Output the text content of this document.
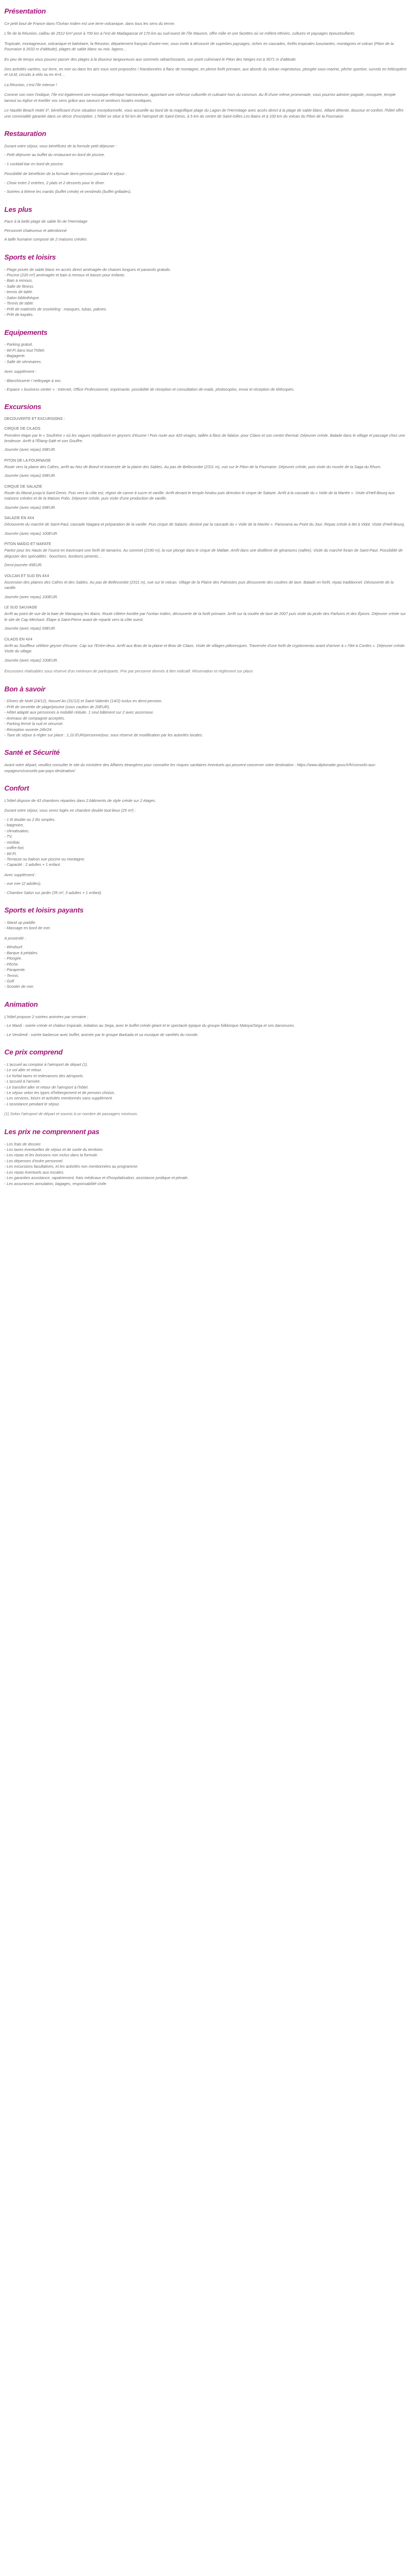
Présentation
Ce petit bout de France dans l'Océan Indien est une terre volcanique, dans tous les sens du terme.
L'île de la Réunion, caillou de 2512 km² posé à 700 km à l'est de Madagascar et 170 km au sud-ouest de l'île Maurice, offre mille et une facettes où se mêlent ethnies, cultures et paysages époustouflants.
Tropicale, montagneuse, volcanique et balnéaire, la Réunion, département français d'outre-mer, vous invite à découvrir de superbes paysages, riches en cascades, forêts tropicales luxuriantes, montagnes et volcan (Piton de la Fournaise à 2632 m d'altitude), plages de sable blanc ou noir, lagons…
En peu de temps vous pouvez passer des plages à la douceur langoureuse aux sommets rafraichissants, son point culminant le Piton des Neiges est à 3071 m d'altitude.
Des activités variées, sur terre, en mer ou dans les airs vous sont proposées ! Randonnées à flanc de montagne, en pleine forêt primaire, aux abords du volcan majestueux, plongée sous-marine, pêche sportive, survols en hélicoptère et ULM, circuits à vélo ou en 4×4…
La Réunion, c'est l'île intense !
Comme son nom l'indique, l'île est également une mosaïque ethnique harmonieuse, apportant une richesse culturelle et culinaire hors du commun. Au fil d'une même promenade, vous pourrez admirer pagode, mosquée, temple tamoul ou église et éveiller vos sens grâce aux saveurs et senteurs locales exotiques.
Le Nautile Beach Hotel 3*, bénéficiant d'une situation exceptionnelle, vous accueille au bord de la magnifique plage du Lagon de l'Hermitage avec accès direct à la plage de sable blanc. Alliant détente, douceur et confort, l'hôtel offre une convivialité garantie dans un décor d'exception. L'hôtel se situe à 50 km de l'aéroport de Saint-Denis, à 5 km du centre de Saint-Gilles Les Bains et à 100 km du volcan du Piton de la Fournaise.
Restauration
Durant votre séjour, vous bénéficiez de la formule petit déjeuner :
- Petit déjeuner au buffet du restaurant en bord de piscine.
- 1 cocktail-bar en bord de piscine.
Possibilité de bénéficier de la formule demi-pension pendant le séjour :
- Choix entre 2 entrées, 2 plats et 2 desserts pour le dîner.
- Soirées à thème les mardis (buffet créole) et vendredis (buffet grillades).
Les plus
Face à la belle plage de sable fin de l'Hermitage
Personnel chaleureux et attentionné
A taille humaine composé de 2 maisons créoles
Sports et loisirs
- Plage privée de sable blanc en accès direct aménagée de chaises longues et parasols gratuits.
- Piscine (220 m²) aménagée et bain à remous et bassin pour enfants.
- Bain à remous.
- Salle de fitness.
- tennis de table.
- Salon bibliothèque.
- Tennis de table.
- Prêt de matériels de snorkeling : masques, tubas, palmes.
- Prêt de kayaks.
Equipements
- Parking gratuit.
- Wi-Fi dans tout l'hôtel.
- Bagagerie.
- Salle de séminaires.
Avec supplément :
- Blanchisserie / nettoyage à sec.
- Espace « business center » : Internet, Office Professionnel, imprimante, possibilité de réception et consultation de-mails, photocopies, envoi et réception de télécopies.
Excursions
DECOUVERTE ET EXCURSIONS :
CIRQUE DE CILAOS
Première étape par le « Soufrière » où les vagues rejaillissent en geysers d'écume ! Puis route aux 420 virages, taillée à flanc de falaise, pour Cilaos et son centre thermal. Déjeuner créole. Balade dans le village et passage chez une brodeuse. Arrêt à l'Étang-Salé et son Gouffre.
Journée (avec repas) 69EUR.
PITON DE LA FOURNAISE
Route vers la plaine des Cafres, arrêt au Nez de Boeuf et traversée de la plaine des Sables. Au pas de Bellecombe (2311 m), vue sur le Piton de la Fournaise. Déjeuner créole, puis visite du musée de la Saga du Rhum.
Journée (avec repas) 69EUR.
CIRQUE DE SALAZIE
Route du littoral jusqu'à Saint-Denis. Puis vers la côte est, région de canne à sucre et vanille. Arrêt devant le temple hindou puis direction le cirque de Salazie. Arrêt à la cascade du « Voile de la Mariée ». Visite d'Hell-Bourg aux maisons créoles et de la Maison Folio. Déjeuner créole, puis visite d'une production de vanille.
Journée (avec repas) 69EUR.
SALAZIE EN 4X4
Découverte du marché de Saint-Paul, cascade Niagara et préparation de la vanille. Puis cirque de Salazie, dominé par la cascade du « Voile de la Mariée ». Panorama au Point du Jour. Repas créole à Ilet à Vidot. Visite d'Hell-Bourg.
Journée (avec repas) 100EUR.
PITON MAÏDO ET MAFATE
Partez pour les Hauts de l'ouest en traversant une forêt de tamarins. Au sommet (2190 m), la vue plonge dans le cirque de Mafate. Arrêt dans une distillerie de géraniums (vallée). Visite du marché forain de Saint-Paul. Possibilité de déguster des spécialités : bouchons, bonbons piments…
Demi-journée 45EUR.
VOLCAN ET SUD EN 4X4
Ascension des plaines des Cafres et des Sables. Au pas de Bellecombe (2311 m), vue sur le volcan. Village de la Plaine des Palmistes puis découverte des coulées de lave. Balade en forêt, repas traditionnel. Découverte de la vanille.
Journée (avec repas) 100EUR.
LE SUD SAUVAGE
Arrêt au point de vue de la baie de Manapany les Bains. Route côtière bordée par l'océan Indien, découverte de la forêt primaire. Arrêt sur la coulée de lave de 2007 puis visite du jardin des Parfums et des Épices. Déjeuner créole sur le site de Cap Méchant. Étape à Saint-Pierre avant de repartir vers la côte ouest.
Journée (avec repas) 69EUR.
CILAOS EN 4X4
Arrêt au Souffleur célèbre geyser d'écume. Cap sur l'Entre-deux. Arrêt aux Bras de la plaine et Bras de Cilaos. Visite de villages pittoresques. Traversée d'une forêt de cryptomerias avant d'arriver à « l'Ilet à Cordes ». Déjeuner créole. Visite du village.
Journée (avec repas) 100EUR.
Excursions réalisables sous réserve d'un minimum de participants. Prix par personne donnés à titre indicatif. Réservation et règlement sur place.
Bon à savoir
- Dîners de Noël (24/12), Nouvel An (31/12) et Saint-Valentin (14/2) inclus en demi-pension.
- Prêt de serviette de plage/piscine (sous caution de 20EUR).
- Hôtel adapté aux personnes à mobilité réduite. 1 seul bâtiment sur 2 avec ascenseur.
- Animaux de compagnie acceptés.
- Parking fermé la nuit et sécurisé.
- Réception ouverte 24h/24.
- Taxe de séjour à régler sur place : 1,10 EUR/personne/jour, sous réserve de modification par les autorités locales.
Santé et Sécurité
Avant votre départ, veuillez consulter le site du ministère des Affaires étrangères pour connaître les risques sanitaires éventuels qui peuvent concerner votre destination : https://www.diplomatie.gouv.fr/fr/conseils-aux-voyageurs/conseils-par-pays-destination/
Confort
L'hôtel dispose de 43 chambres réparties dans 2 bâtiments de style créole sur 2 étages.
Durant votre séjour, vous serez logés en chambre double tout-lieux (25 m²) :
- 1 lit double ou 2 lits simples.
- baignoire,
- climatisation,
- TV,
- minibar,
- coffre-fort,
- Wi-Fi.
- Terrasse ou balcon vue piscine ou montagne.
- Capacité : 2 adultes + 1 enfant.
Avec supplément :
- vue mer (2 adultes).
- Chambre Salon sur jardin (35 m², 3 adultes + 1 enfant).
Sports et loisirs payants
- Stand up paddle.
- Massage en bord de mer.
A proximité :
- Windsurf.
- Barque à pédales.
- Plongée.
- Pêche.
- Parapente.
- Tennis.
- Golf.
- Scooter de mer.
Animation
L'hôtel propose 2 soirées animées par semaine :
- Le Mardi : soirée créole et chaleur tropicale, initiation au Sega, avec le buffet créole géant et le spectacle typique du groupe folklorique Maloya/Séga et ses danseuses.
- Le Vendredi : soirée barbecue avec buffet, animée par le groupe Barkada et sa musique de variétés du monde.
Ce prix comprend
- L'accueil au comptoir à l'aéroport de départ (1).
- Le vol aller et retour.
- Le forfait taxes et redevances des aéroports.
- L'accueil à l'arrivée.
- Le transfert aller et retour de l'aéroport à l'hôtel.
- Le séjour selon les types d'hébergement et de pension choisis.
- Les services, loisirs et activités mentionnés sans supplément.
- L'assistance pendant le séjour.
(1) Selon l'aéroport de départ et soumis à un nombre de passagers minimum.
Les prix ne comprennent pas
- Les frais de dossier.
- Les taxes éventuelles de séjour et de sortie du territoire.
- Les repas et les boissons non inclus dans la formule.
- Les dépenses d'ordre personnel.
- Les excursions facultatives, et les activités non mentionnées au programme.
- Les repas éventuels aux escales.
- Les garanties assistance, rapatriement, frais médicaux et d'hospitalisation, assistance juridique et pénale.
- Les assurances annulation, bagages, responsabilité civile.
